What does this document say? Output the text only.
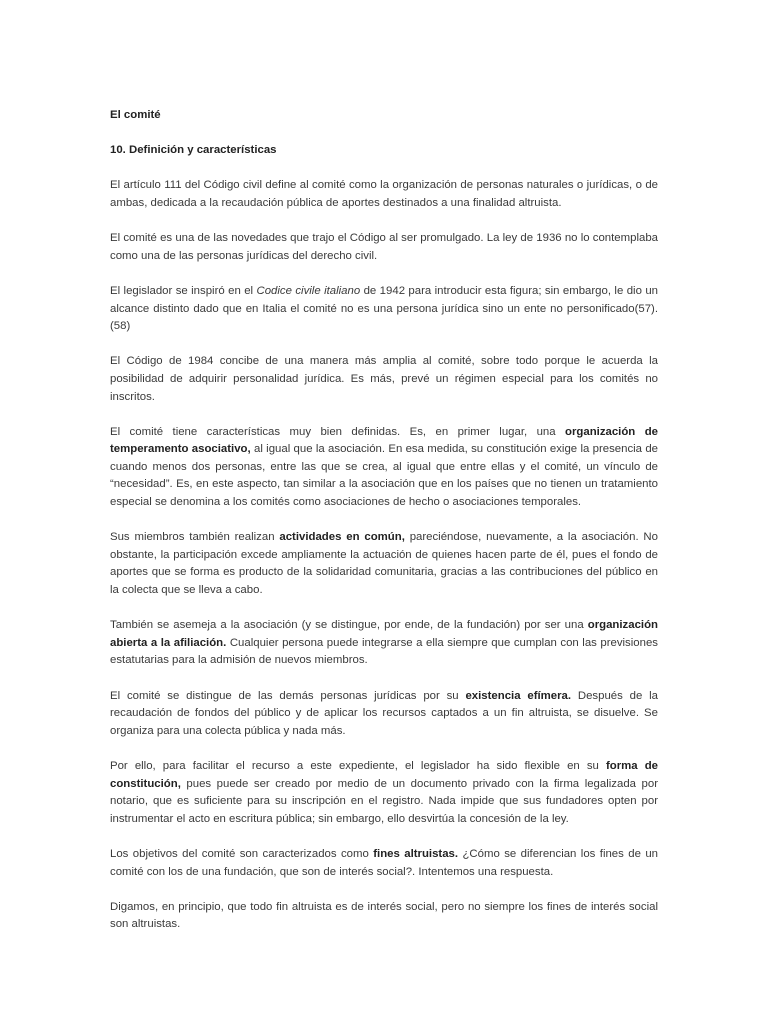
El comité
10. Definición y características

El artículo 111 del Código civil define al comité como la organización de personas naturales o jurídicas, o de ambas, dedicada a la recaudación pública de aportes destinados a una finalidad altruista.

El comité es una de las novedades que trajo el Código al ser promulgado. La ley de 1936 no lo contemplaba como una de las personas jurídicas del derecho civil.

El legislador se inspiró en el Codice civile italiano de 1942 para introducir esta figura; sin embargo, le dio un alcance distinto dado que en Italia el comité no es una persona jurídica sino un ente no personificado(57). (58)

El Código de 1984 concibe de una manera más amplia al comité, sobre todo porque le acuerda la posibilidad de adquirir personalidad jurídica. Es más, prevé un régimen especial para los comités no inscritos.

El comité tiene características muy bien definidas. Es, en primer lugar, una organización de temperamento asociativo, al igual que la asociación. En esa medida, su constitución exige la presencia de cuando menos dos personas, entre las que se crea, al igual que entre ellas y el comité, un vínculo de “necesidad”. Es, en este aspecto, tan similar a la asociación que en los países que no tienen un tratamiento especial se denomina a los comités como asociaciones de hecho o asociaciones temporales.

Sus miembros también realizan actividades en común, pareciéndose, nuevamente, a la asociación. No obstante, la participación excede ampliamente la actuación de quienes hacen parte de él, pues el fondo de aportes que se forma es producto de la solidaridad comunitaria, gracias a las contribuciones del público en la colecta que se lleva a cabo.

También se asemeja a la asociación (y se distingue, por ende, de la fundación) por ser una organización abierta a la afiliación. Cualquier persona puede integrarse a ella siempre que cumplan con las previsiones estatutarias para la admisión de nuevos miembros.

El comité se distingue de las demás personas jurídicas por su existencia efímera. Después de la recaudación de fondos del público y de aplicar los recursos captados a un fin altruista, se disuelve. Se organiza para una colecta pública y nada más.

Por ello, para facilitar el recurso a este expediente, el legislador ha sido flexible en su forma de constitución, pues puede ser creado por medio de un documento privado con la firma legalizada por notario, que es suficiente para su inscripción en el registro. Nada impide que sus fundadores opten por instrumentar el acto en escritura pública; sin embargo, ello desvirtúa la concesión de la ley.

Los objetivos del comité son caracterizados como fines altruistas. ¿Cómo se diferencian los fines de un comité con los de una fundación, que son de interés social?. Intentemos una respuesta.

Digamos, en principio, que todo fin altruista es de interés social, pero no siempre los fines de interés social son altruistas.
